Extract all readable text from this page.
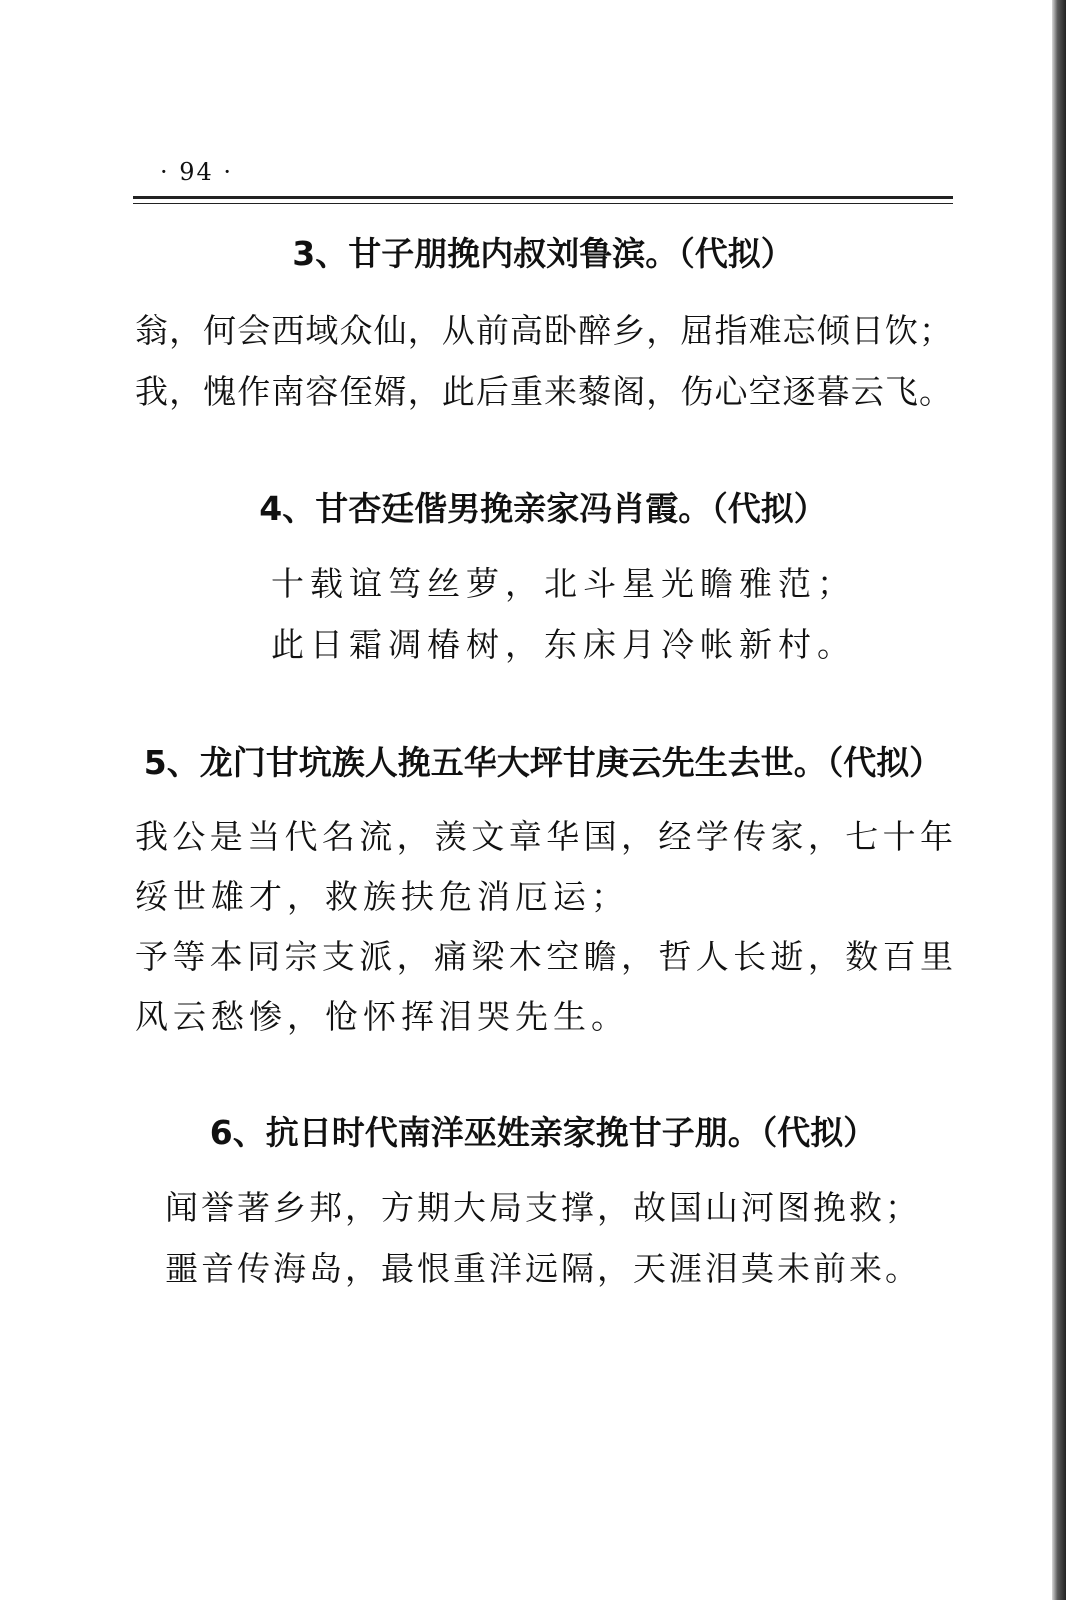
· 94 ·
3、甘子朋挽内叔刘鲁滨。（代拟）
翁，何会西域众仙，从前高卧醉乡，屈指难忘倾日饮；
我，愧作南容侄婿，此后重来藜阁，伤心空逐暮云飞。
4、甘杏廷偕男挽亲家冯肖霞。（代拟）
十载谊笃丝萝，北斗星光瞻雅范；
此日霜凋椿树，东床月冷帐新村。
5、龙门甘坑族人挽五华大坪甘庚云先生去世。（代拟）
我公是当代名流，羡文章华国，经学传家，七十年
绥世雄才，救族扶危消厄运；
予等本同宗支派，痛梁木空瞻，哲人长逝，数百里
风云愁惨，怆怀挥泪哭先生。
6、抗日时代南洋巫姓亲家挽甘子朋。（代拟）
闻誉著乡邦，方期大局支撑，故国山河图挽救；
噩音传海岛，最恨重洋远隔，天涯泪莫未前来。
